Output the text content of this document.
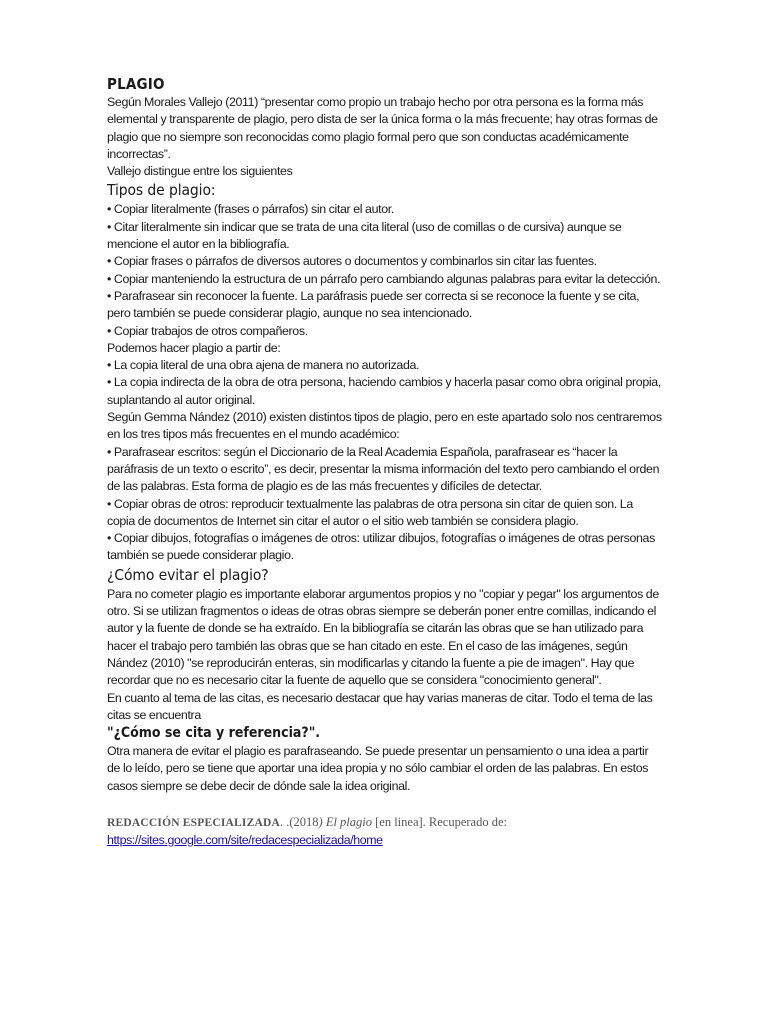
PLAGIO

Según Morales Vallejo (2011) “presentar como propio un trabajo hecho por otra persona es la forma más elemental y transparente de plagio, pero dista de ser la única forma o la más frecuente; hay otras formas de plagio que no siempre son reconocidas como plagio formal pero que son conductas académicamente incorrectas”.

Vallejo distingue entre los siguientes

Tipos de plagio:

• Copiar literalmente (frases o párrafos) sin citar el autor.

• Citar literalmente sin indicar que se trata de una cita literal (uso de comillas o de cursiva) aunque se mencione el autor en la bibliografía.

• Copiar frases o párrafos de diversos autores o documentos y combinarlos sin citar las fuentes.

• Copiar manteniendo la estructura de un párrafo pero cambiando algunas palabras para evitar la detección.

• Parafrasear sin reconocer la fuente. La paráfrasis puede ser correcta si se reconoce la fuente y se cita, pero también se puede considerar plagio, aunque no sea intencionado.

• Copiar trabajos de otros compañeros.

Podemos hacer plagio a partir de:

• La copia literal de una obra ajena de manera no autorizada.

• La copia indirecta de la obra de otra persona, haciendo cambios y hacerla pasar como obra original propia, suplantando al autor original.

Según Gemma Nández (2010) existen distintos tipos de plagio, pero en este apartado solo nos centraremos en los tres tipos más frecuentes en el mundo académico:

• Parafrasear escritos: según el Diccionario de la Real Academia Española, parafrasear es “hacer la paráfrasis de un texto o escrito”, es decir, presentar la misma información del texto pero cambiando el orden de las palabras. Esta forma de plagio es de las más frecuentes y difíciles de detectar.

• Copiar obras de otros: reproducir textualmente las palabras de otra persona sin citar de quien son. La copia de documentos de Internet sin citar el autor o el sitio web también se considera plagio.

• Copiar dibujos, fotografías o imágenes de otros: utilizar dibujos, fotografías o imágenes de otras personas también se puede considerar plagio.

¿Cómo evitar el plagio?

Para no cometer plagio es importante elaborar argumentos propios y no "copiar y pegar" los argumentos de otro. Si se utilizan fragmentos o ideas de otras obras siempre se deberán poner entre comillas, indicando el autor y la fuente de donde se ha extraído. En la bibliografía se citarán las obras que se han utilizado para hacer el trabajo pero también las obras que se han citado en este. En el caso de las imágenes, según Nández (2010) "se reproducirán enteras, sin modificarlas y citando la fuente a pie de imagen". Hay que recordar que no es necesario citar la fuente de aquello que se considera "conocimiento general".

En cuanto al tema de las citas, es necesario destacar que hay varias maneras de citar. Todo el tema de las citas se encuentra

"¿Cómo se cita y referencia?".

Otra manera de evitar el plagio es parafraseando. Se puede presentar un pensamiento o una idea a partir de lo leído, pero se tiene que aportar una idea propia y no sólo cambiar el orden de las palabras. En estos casos siempre se debe decir de dónde sale la idea original.

REDACCIÓN ESPECIALIZADA. .(2018) El plagio [en linea]. Recuperado de:
https://sites.google.com/site/redacespecializada/home
